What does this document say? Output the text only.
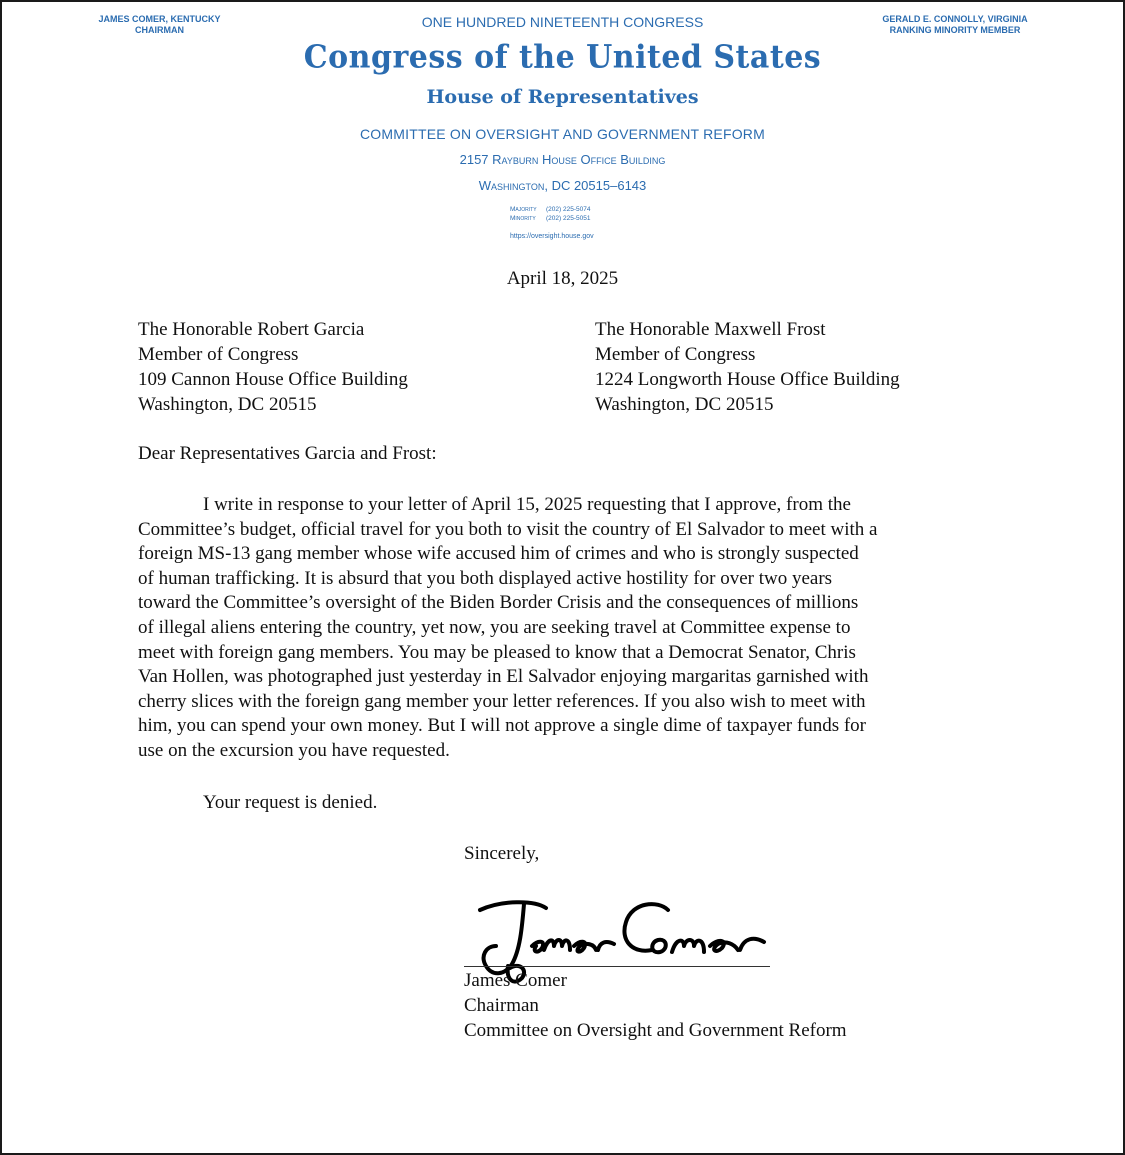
JAMES COMER, KENTUCKY
CHAIRMAN
GERALD E. CONNOLLY, VIRGINIA
RANKING MINORITY MEMBER
ONE HUNDRED NINETEENTH CONGRESS
Congress of the United States
House of Representatives
COMMITTEE ON OVERSIGHT AND GOVERNMENT REFORM
2157 Rayburn House Office Building
Washington, DC 20515–6143
Majority (202) 225-5074
Minority (202) 225-5051
https://oversight.house.gov
April 18, 2025
The Honorable Robert Garcia
Member of Congress
109 Cannon House Office Building
Washington, DC 20515
The Honorable Maxwell Frost
Member of Congress
1224 Longworth House Office Building
Washington, DC 20515
Dear Representatives Garcia and Frost:
I write in response to your letter of April 15, 2025 requesting that I approve, from the
Committee’s budget, official travel for you both to visit the country of El Salvador to meet with a
foreign MS-13 gang member whose wife accused him of crimes and who is strongly suspected
of human trafficking. It is absurd that you both displayed active hostility for over two years
toward the Committee’s oversight of the Biden Border Crisis and the consequences of millions
of illegal aliens entering the country, yet now, you are seeking travel at Committee expense to
meet with foreign gang members. You may be pleased to know that a Democrat Senator, Chris
Van Hollen, was photographed just yesterday in El Salvador enjoying margaritas garnished with
cherry slices with the foreign gang member your letter references. If you also wish to meet with
him, you can spend your own money. But I will not approve a single dime of taxpayer funds for
use on the excursion you have requested.
Your request is denied.
Sincerely,
James Comer
Chairman
Committee on Oversight and Government Reform
